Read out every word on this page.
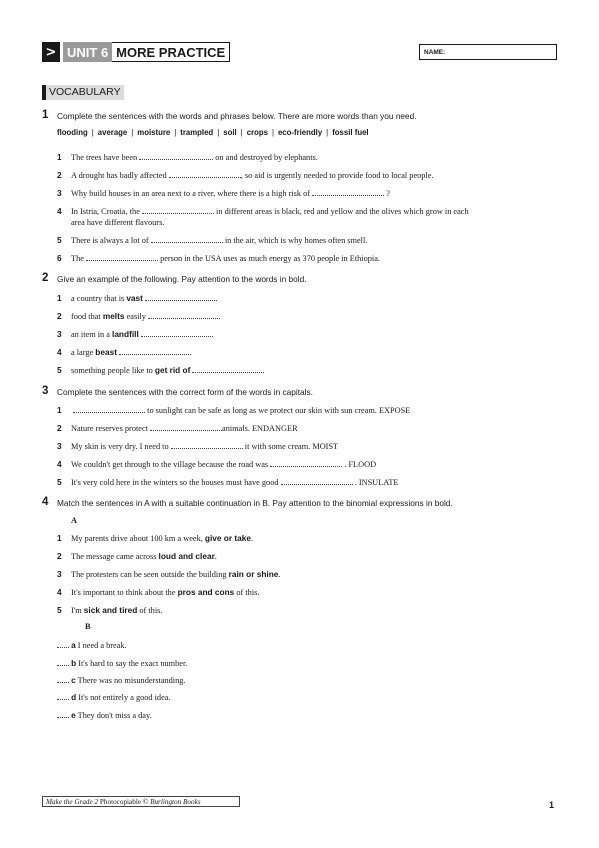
> UNIT 6 MORE PRACTICE	NAME:
VOCABULARY
1 Complete the sentences with the words and phrases below. There are more words than you need.
flooding | average | moisture | trampled | soil | crops | eco-friendly | fossil fuel
1 The trees have been	on and destroyed by elephants.
2 A drought has badly affected	, so aid is urgently needed to provide food to local people.
3 Why build houses in an area next to a river, where there is a high risk of	?
4 In Istria, Croatia, the	in different areas is black, red and yellow and the olives which grow in each
area have different flavours.
5 There is always a lot of	in the air, which is why homes often smell.
6 The	person in the USA uses as much energy as 370 people in Ethiopia.
2 Give an example of the following. Pay attention to the words in bold.
1 a country that is vast
2 food that melts easily
3 an item in a landfill
4 a large beast
5 something people like to get rid of
3 Complete the sentences with the correct form of the words in capitals.
1	to sunlight can be safe as long as we protect our skin with sun cream. EXPOSE
2 Nature reserves protect	animals. ENDANGER
3 My skin is very dry. I need to	it with some cream. MOIST
4 We couldn't get through to the village because the road was	. FLOOD
5 It's very cold here in the winters so the houses must have good	. INSULATE
4 Match the sentences in A with a suitable continuation in B. Pay attention to the binomial expressions in bold.
A
1 My parents drive about 100 km a week, give or take.
2 The message came across loud and clear.
3 The protesters can be seen outside the building rain or shine.
4 It's important to think about the pros and cons of this.
5 I'm sick and tired of this.
B
a I need a break.
b It's hard to say the exact number.
c There was no misunderstanding.
d It's not entirely a good idea.
e They don't miss a day.
Make the Grade 2 Photocopiable © Burlington Books	1
